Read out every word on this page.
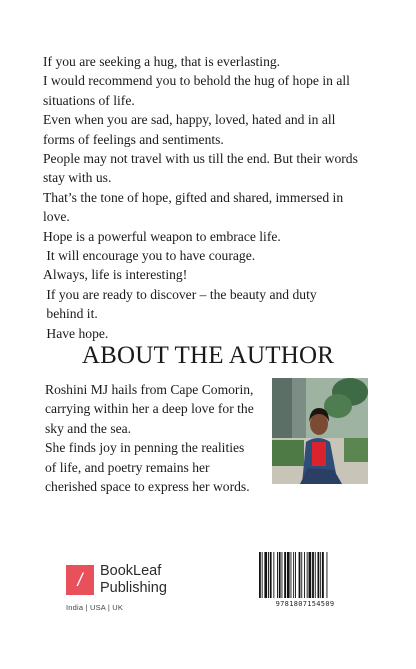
If you are seeking a hug, that is everlasting.

I would recommend you to behold the hug of hope in all

situations of life.

Even when you are sad, happy, loved, hated and in all

forms of feelings and sentiments.

People may not travel with us till the end. But their words

stay with us.

That’s the tone of hope, gifted and shared, immersed in

love.

Hope is a powerful weapon to embrace life.

It will encourage you to have courage.

Always, life is interesting!

If you are ready to discover – the beauty and duty

behind it.

Have hope.

ABOUT THE AUTHOR

Roshini MJ hails from Cape Comorin,

carrying within her a deep love for the

sky and the sea.

She finds joy in penning the realities

of life, and poetry remains her

cherished space to express her words.

/	BookLeaf
Publishing
India | USA | UK	9781807154509
